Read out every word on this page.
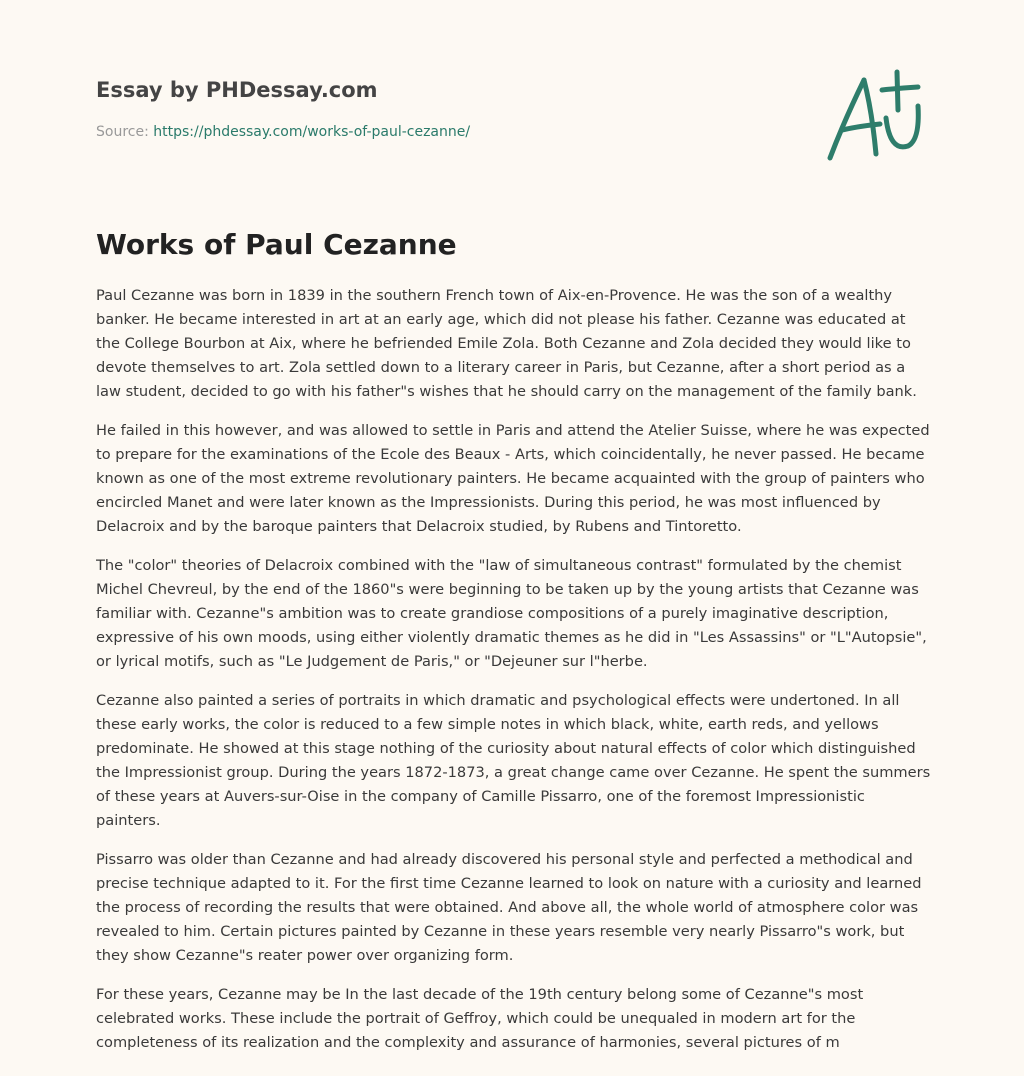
Essay by PHDessay.com
Source: https://phdessay.com/works-of-paul-cezanne/
Works of Paul Cezanne

Paul Cezanne was born in 1839 in the southern French town of Aix-en-Provence. He was the son of a wealthy banker. He became interested in art at an early age, which did not please his father. Cezanne was educated at the College Bourbon at Aix, where he befriended Emile Zola. Both Cezanne and Zola decided they would like to devote themselves to art. Zola settled down to a literary career in Paris, but Cezanne, after a short period as a law student, decided to go with his father"s wishes that he should carry on the management of the family bank.

He failed in this however, and was allowed to settle in Paris and attend the Atelier Suisse, where he was expected to prepare for the examinations of the Ecole des Beaux - Arts, which coincidentally, he never passed. He became known as one of the most extreme revolutionary painters. He became acquainted with the group of painters who encircled Manet and were later known as the Impressionists. During this period, he was most influenced by Delacroix and by the baroque painters that Delacroix studied, by Rubens and Tintoretto.

The "color" theories of Delacroix combined with the "law of simultaneous contrast" formulated by the chemist Michel Chevreul, by the end of the 1860"s were beginning to be taken up by the young artists that Cezanne was familiar with. Cezanne"s ambition was to create grandiose compositions of a purely imaginative description, expressive of his own moods, using either violently dramatic themes as he did in "Les Assassins" or "L"Autopsie", or lyrical motifs, such as "Le Judgement de Paris," or "Dejeuner sur l"herbe.

Cezanne also painted a series of portraits in which dramatic and psychological effects were undertoned. In all these early works, the color is reduced to a few simple notes in which black, white, earth reds, and yellows predominate. He showed at this stage nothing of the curiosity about natural effects of color which distinguished the Impressionist group. During the years 1872-1873, a great change came over Cezanne. He spent the summers of these years at Auvers-sur-Oise in the company of Camille Pissarro, one of the foremost Impressionistic painters.

Pissarro was older than Cezanne and had already discovered his personal style and perfected a methodical and precise technique adapted to it. For the first time Cezanne learned to look on nature with a curiosity and learned the process of recording the results that were obtained. And above all, the whole world of atmosphere color was revealed to him. Certain pictures painted by Cezanne in these years resemble very nearly Pissarro"s work, but they show Cezanne"s reater power over organizing form.

For these years, Cezanne may be In the last decade of the 19th century belong some of Cezanne"s most celebrated works. These include the portrait of Geffroy, which could be unequaled in modern art for the completeness of its realization and the complexity and assurance of harmonies, several pictures of m
